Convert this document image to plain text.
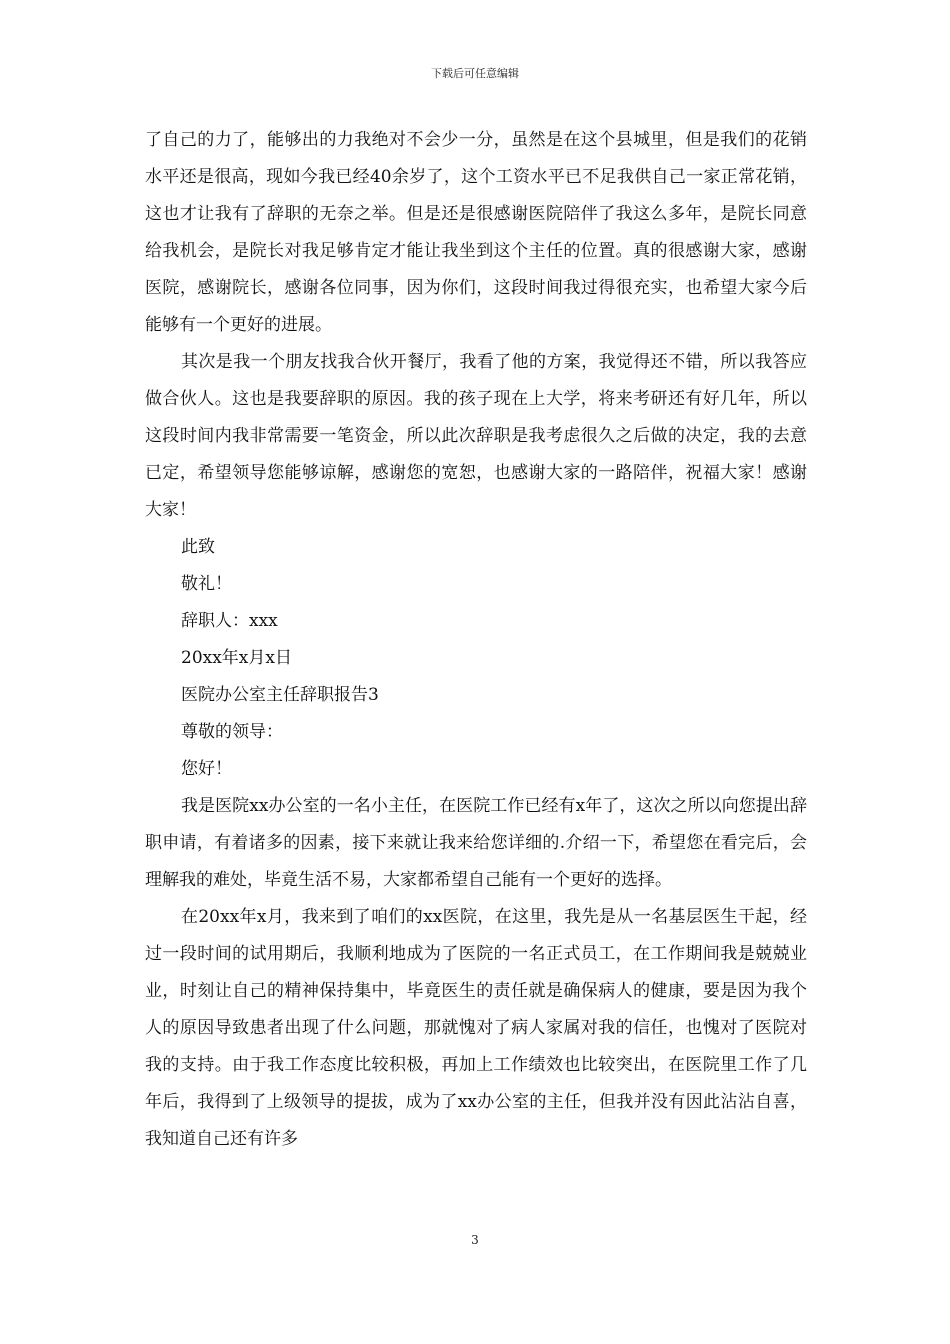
下载后可任意编辑

了自己的力了，能够出的力我绝对不会少一分，虽然是在这个县城里，但是我们的花销水平还是很高，现如今我已经40余岁了，这个工资水平已不足我供自己一家正常花销，这也才让我有了辞职的无奈之举。但是还是很感谢医院陪伴了我这么多年，是院长同意给我机会，是院长对我足够肯定才能让我坐到这个主任的位置。真的很感谢大家，感谢医院，感谢院长，感谢各位同事，因为你们，这段时间我过得很充实，也希望大家今后能够有一个更好的进展。

其次是我一个朋友找我合伙开餐厅，我看了他的方案，我觉得还不错，所以我答应做合伙人。这也是我要辞职的原因。我的孩子现在上大学，将来考研还有好几年，所以这段时间内我非常需要一笔资金，所以此次辞职是我考虑很久之后做的决定，我的去意已定，希望领导您能够谅解，感谢您的宽恕，也感谢大家的一路陪伴，祝福大家！感谢大家！

此致

敬礼！

辞职人：xxx

20xx年x月x日

医院办公室主任辞职报告3

尊敬的领导：

您好！

我是医院xx办公室的一名小主任，在医院工作已经有x年了，这次之所以向您提出辞职申请，有着诸多的因素，接下来就让我来给您详细的.介绍一下，希望您在看完后，会理解我的难处，毕竟生活不易，大家都希望自己能有一个更好的选择。

在20xx年x月，我来到了咱们的xx医院，在这里，我先是从一名基层医生干起，经过一段时间的试用期后，我顺利地成为了医院的一名正式员工，在工作期间我是兢兢业业，时刻让自己的精神保持集中，毕竟医生的责任就是确保病人的健康，要是因为我个人的原因导致患者出现了什么问题，那就愧对了病人家属对我的信任，也愧对了医院对我的支持。由于我工作态度比较积极，再加上工作绩效也比较突出，在医院里工作了几年后，我得到了上级领导的提拔，成为了xx办公室的主任，但我并没有因此沾沾自喜，我知道自己还有许多

3
